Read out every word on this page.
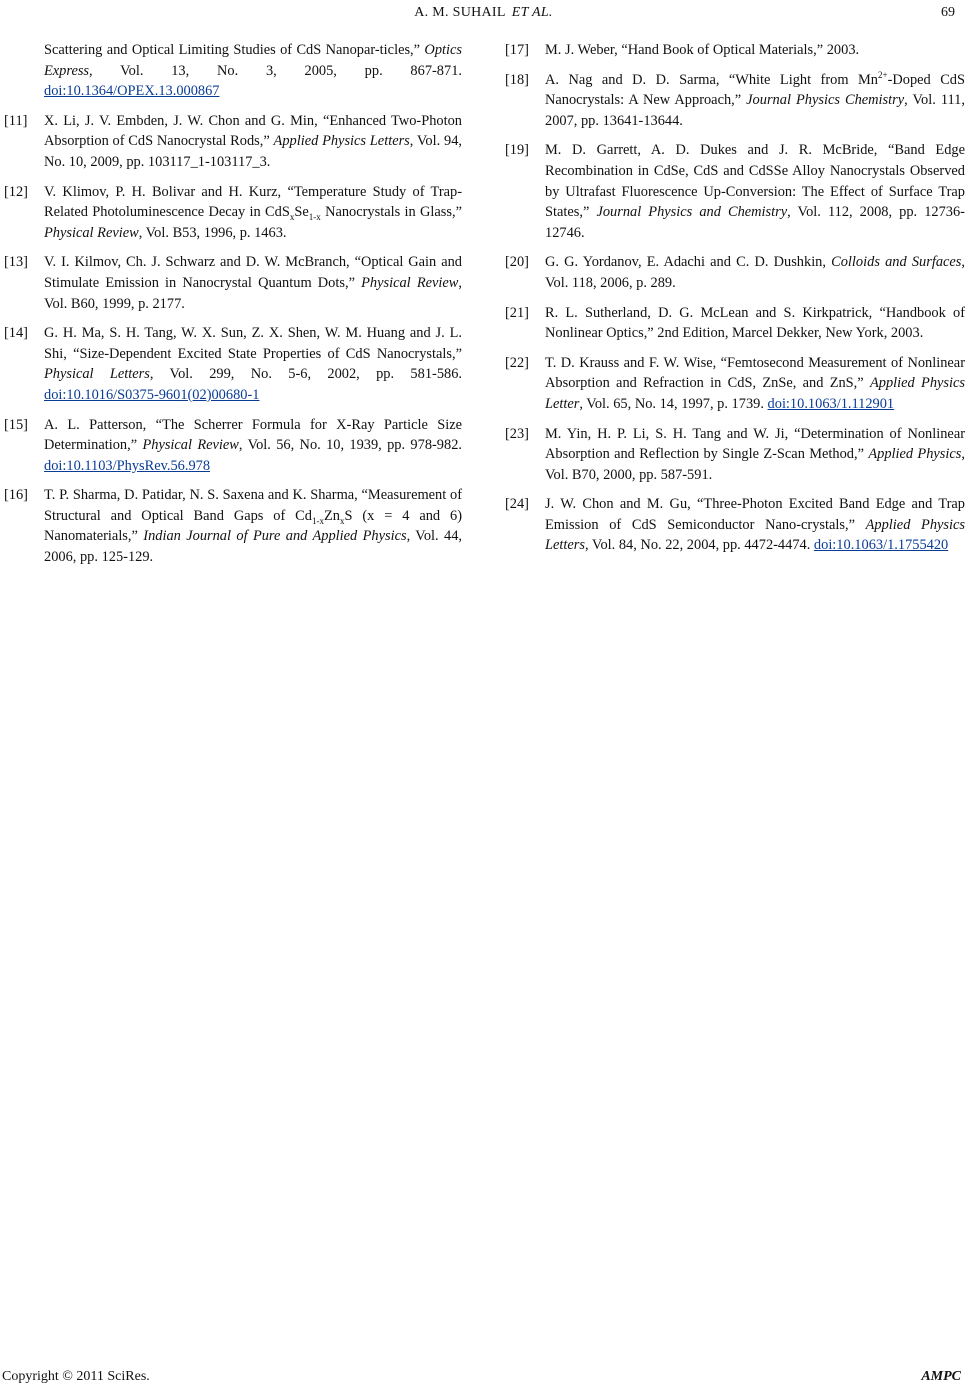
A. M. SUHAIL ET AL.	69
Scattering and Optical Limiting Studies of CdS Nanopar-ticles,” Optics Express, Vol. 13, No. 3, 2005, pp. 867-871. doi:10.1364/OPEX.13.000867
[11]	X. Li, J. V. Embden, J. W. Chon and G. Min, “Enhanced Two-Photon Absorption of CdS Nanocrystal Rods,” Applied Physics Letters, Vol. 94, No. 10, 2009, pp. 103117_1-103117_3.
[12]	V. Klimov, P. H. Bolivar and H. Kurz, “Temperature Study of Trap-Related Photoluminescence Decay in $CdS_xSe_{1-x}$ Nanocrystals in Glass,” Physical Review, Vol. B53, 1996, p. 1463.
[13]	V. I. Kilmov, Ch. J. Schwarz and D. W. McBranch, “Optical Gain and Stimulate Emission in Nanocrystal Quantum Dots,” Physical Review, Vol. B60, 1999, p. 2177.
[14]	G. H. Ma, S. H. Tang, W. X. Sun, Z. X. Shen, W. M. Huang and J. L. Shi, “Size-Dependent Excited State Properties of CdS Nanocrystals,” Physical Letters, Vol. 299, No. 5-6, 2002, pp. 581-586. doi:10.1016/S0375-9601(02)00680-1
[15]	A. L. Patterson, “The Scherrer Formula for X-Ray Particle Size Determination,” Physical Review, Vol. 56, No. 10, 1939, pp. 978-982. doi:10.1103/PhysRev.56.978
[16]	T. P. Sharma, D. Patidar, N. S. Saxena and K. Sharma, “Measurement of Structural and Optical Band Gaps of $Cd_{1-x}Zn_xS$ (x = 4 and 6) Nanomaterials,” Indian Journal of Pure and Applied Physics, Vol. 44, 2006, pp. 125-129.
[17]	M. J. Weber, “Hand Book of Optical Materials,” 2003.
[18]	A. Nag and D. D. Sarma, “White Light from $Mn^{2+}$-Doped CdS Nanocrystals: A New Approach,” Journal Physics Chemistry, Vol. 111, 2007, pp. 13641-13644.
[19]	M. D. Garrett, A. D. Dukes and J. R. McBride, “Band Edge Recombination in CdSe, CdS and CdSSe Alloy Nanocrystals Observed by Ultrafast Fluorescence Up-Conversion: The Effect of Surface Trap States,” Journal Physics and Chemistry, Vol. 112, 2008, pp. 12736-12746.
[20]	G. G. Yordanov, E. Adachi and C. D. Dushkin, Colloids and Surfaces, Vol. 118, 2006, p. 289.
[21]	R. L. Sutherland, D. G. McLean and S. Kirkpatrick, “Handbook of Nonlinear Optics,” 2nd Edition, Marcel Dekker, New York, 2003.
[22]	T. D. Krauss and F. W. Wise, “Femtosecond Measurement of Nonlinear Absorption and Refraction in CdS, ZnSe, and ZnS,” Applied Physics Letter, Vol. 65, No. 14, 1997, p. 1739. doi:10.1063/1.112901
[23]	M. Yin, H. P. Li, S. H. Tang and W. Ji, “Determination of Nonlinear Absorption and Reflection by Single Z-Scan Method,” Applied Physics, Vol. B70, 2000, pp. 587-591.
[24]	J. W. Chon and M. Gu, “Three-Photon Excited Band Edge and Trap Emission of CdS Semiconductor Nano-crystals,” Applied Physics Letters, Vol. 84, No. 22, 2004, pp. 4472-4474. doi:10.1063/1.1755420
Copyright © 2011 SciRes.	AMPC
